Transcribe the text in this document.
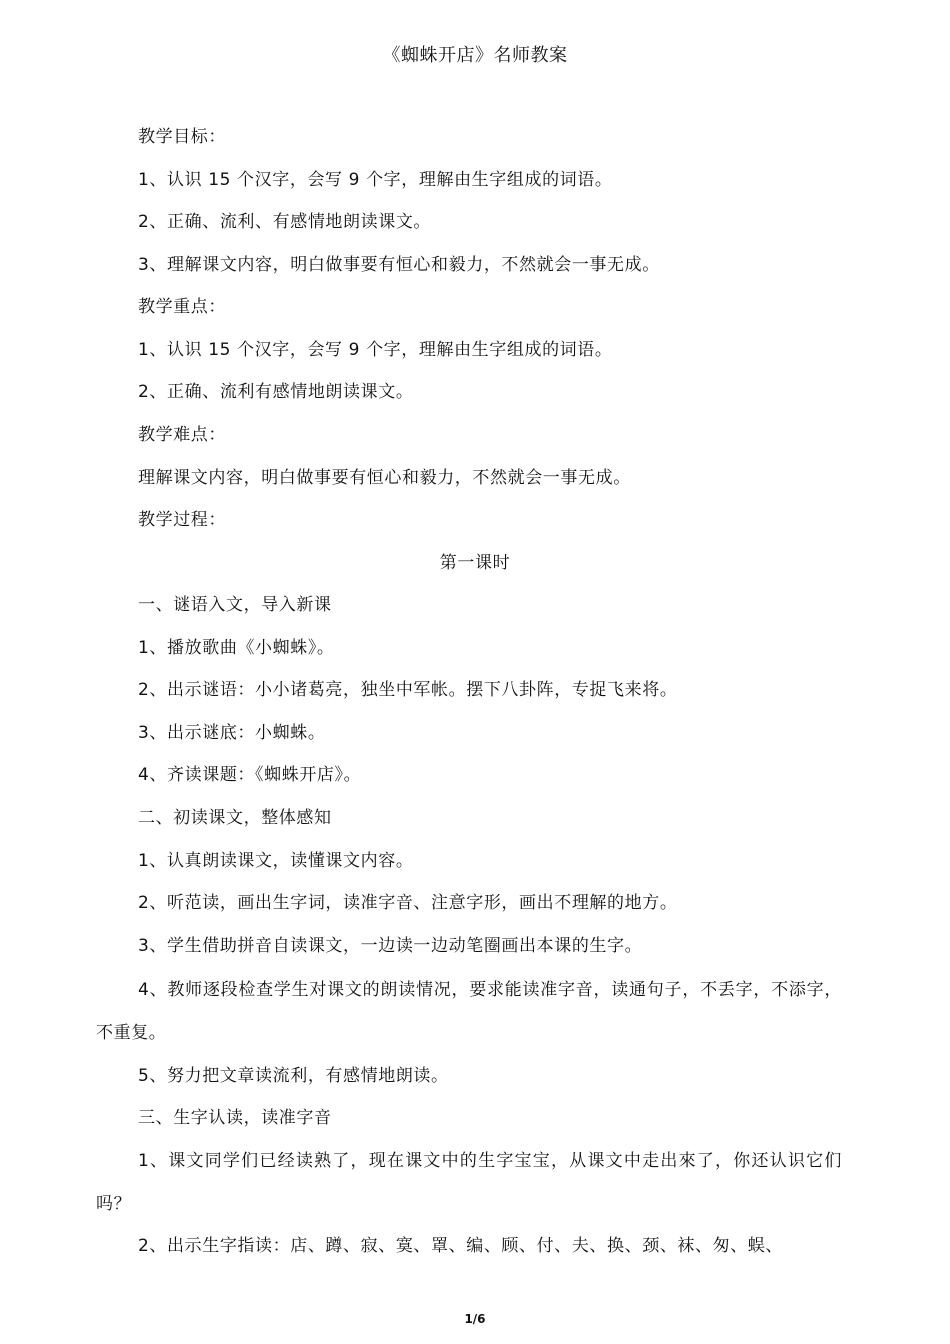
《蜘蛛开店》名师教案
教学目标：
1、认识 15 个汉字，会写 9 个字，理解由生字组成的词语。
2、正确、流利、有感情地朗读课文。
3、理解课文内容，明白做事要有恒心和毅力，不然就会一事无成。
教学重点：
1、认识 15 个汉字，会写 9 个字，理解由生字组成的词语。
2、正确、流利有感情地朗读课文。
教学难点：
理解课文内容，明白做事要有恒心和毅力，不然就会一事无成。
教学过程：
第一课时
一、谜语入文，导入新课
1、播放歌曲《小蜘蛛》。
2、出示谜语：小小诸葛亮，独坐中军帐。摆下八卦阵，专捉飞来将。
3、出示谜底：小蜘蛛。
4、齐读课题：《蜘蛛开店》。
二、初读课文，整体感知
1、认真朗读课文，读懂课文内容。
2、听范读，画出生字词，读准字音、注意字形，画出不理解的地方。
3、学生借助拼音自读课文，一边读一边动笔圈画出本课的生字。
4、教师逐段检查学生对课文的朗读情况，要求能读准字音，读通句子，不丢字，不添字，不重复。
5、努力把文章读流利，有感情地朗读。
三、生字认读，读准字音
1、课文同学们已经读熟了，现在课文中的生字宝宝，从课文中走出來了，你还认识它们吗？
2、出示生字指读：店、蹲、寂、寞、罩、编、顾、付、夫、换、颈、袜、匆、蜈、
1/6
